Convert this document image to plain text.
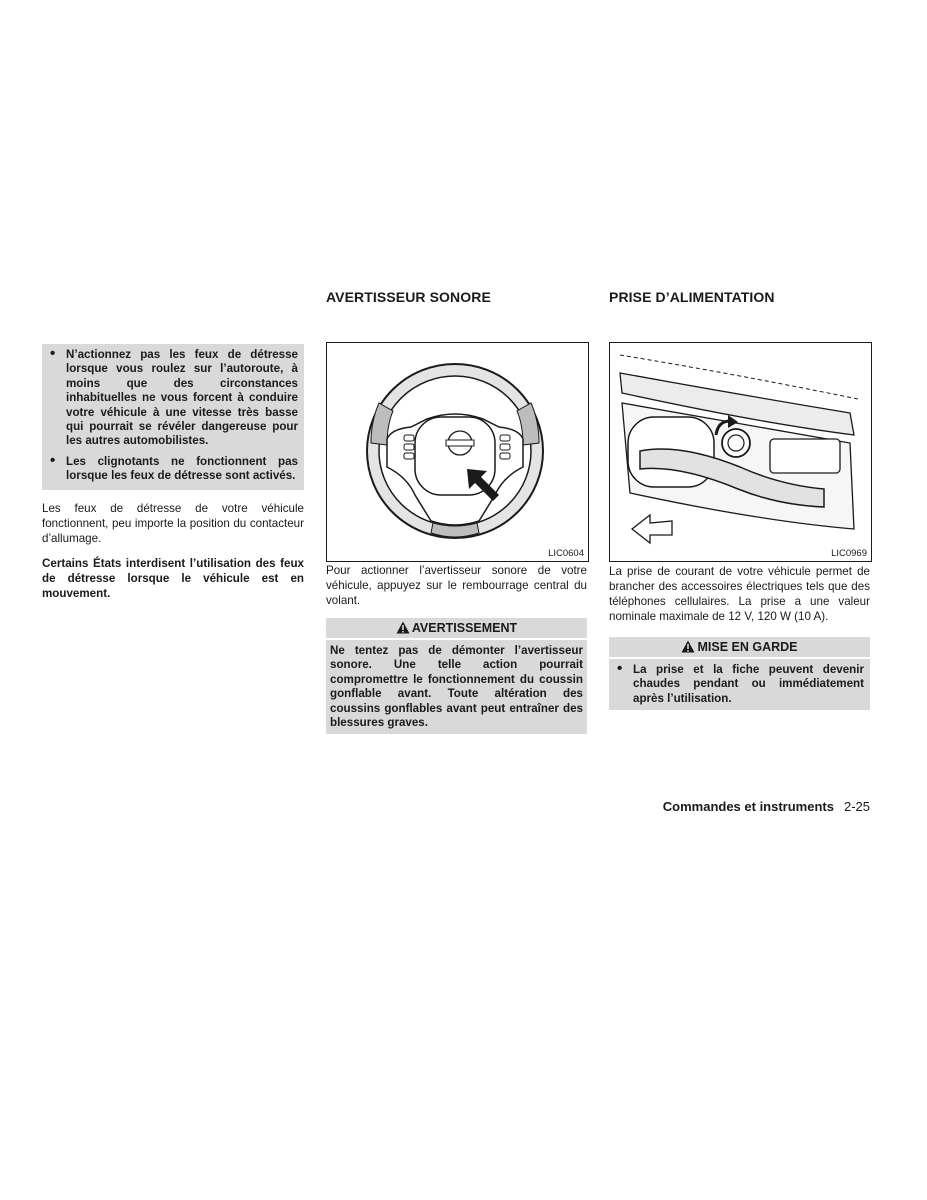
• N’actionnez pas les feux de détresse lorsque vous roulez sur l’autoroute, à moins que des circonstances inhabituelles ne vous forcent à conduire votre véhicule à une vitesse très basse qui pourrait se révéler dangereuse pour les autres automobilistes.
• Les clignotants ne fonctionnent pas lorsque les feux de détresse sont activés.

Les feux de détresse de votre véhicule fonctionnent, peu importe la position du contacteur d’allumage.

Certains États interdisent l’utilisation des feux de détresse lorsque le véhicule est en mouvement.

AVERTISSEUR SONORE
LIC0604

Pour actionner l’avertisseur sonore de votre véhicule, appuyez sur le rembourrage central du volant.

AVERTISSEMENT
Ne tentez pas de démonter l’avertisseur sonore. Une telle action pourrait compromettre le fonctionnement du coussin gonflable avant. Toute altération des coussins gonflables avant peut entraîner des blessures graves.
PRISE D’ALIMENTATION
LIC0969

La prise de courant de votre véhicule permet de brancher des accessoires électriques tels que des téléphones cellulaires. La prise a une valeur nominale maximale de 12 V, 120 W (10 A).

MISE EN GARDE
• La prise et la fiche peuvent devenir chaudes pendant ou immédiatement après l’utilisation.
Commandes et instruments 2-25
